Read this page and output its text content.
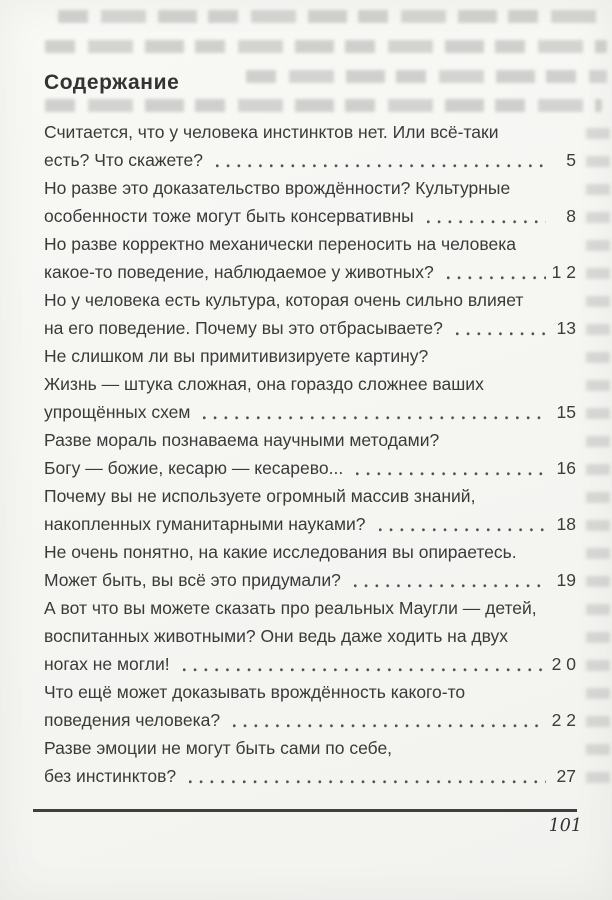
Содержание
Считается, что у человека инстинктов нет. Или всё-таки
есть? Что скажете?	5
Но разве это доказательство врождённости? Культурные
особенности тоже могут быть консервативны	8
Но разве корректно механически переносить на человека
какое-то поведение, наблюдаемое у животных?	1 2
Но у человека есть культура, которая очень сильно влияет
на его поведение. Почему вы это отбрасываете?	13
Не слишком ли вы примитивизируете картину?
Жизнь — штука сложная, она гораздо сложнее ваших
упрощённых схем	15
Разве мораль познаваема научными методами?
Богу — божие, кесарю — кесарево...	16
Почему вы не используете огромный массив знаний,
накопленных гуманитарными науками?	18
Не очень понятно, на какие исследования вы опираетесь.
Может быть, вы всё это придумали?	19
А вот что вы можете сказать про реальных Маугли — детей,
воспитанных животными? Они ведь даже ходить на двух
ногах не могли!	2 0
Что ещё может доказывать врождённость какого-то
поведения человека?	2 2
Разве эмоции не могут быть сами по себе,
без инстинктов?	27
101
